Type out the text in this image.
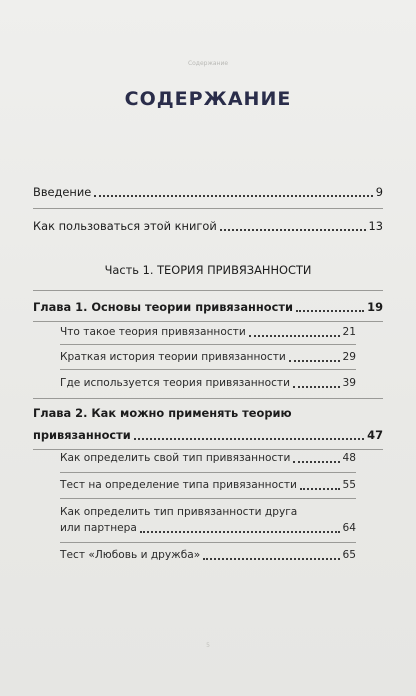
Содержание
СОДЕРЖАНИЕ
Введение	9
Как пользоваться этой книгой	13
Часть 1. ТЕОРИЯ ПРИВЯЗАННОСТИ
Глава 1. Основы теории привязанности	19
Что такое теория привязанности	21
Краткая история теории привязанности	29
Где используется теория привязанности	39
Глава 2. Как можно применять теорию
привязанности	47
Как определить свой тип привязанности	48
Тест на определение типа привязанности	55
Как определить тип привязанности друга
или партнера	64
Тест «Любовь и дружба»	65
5
